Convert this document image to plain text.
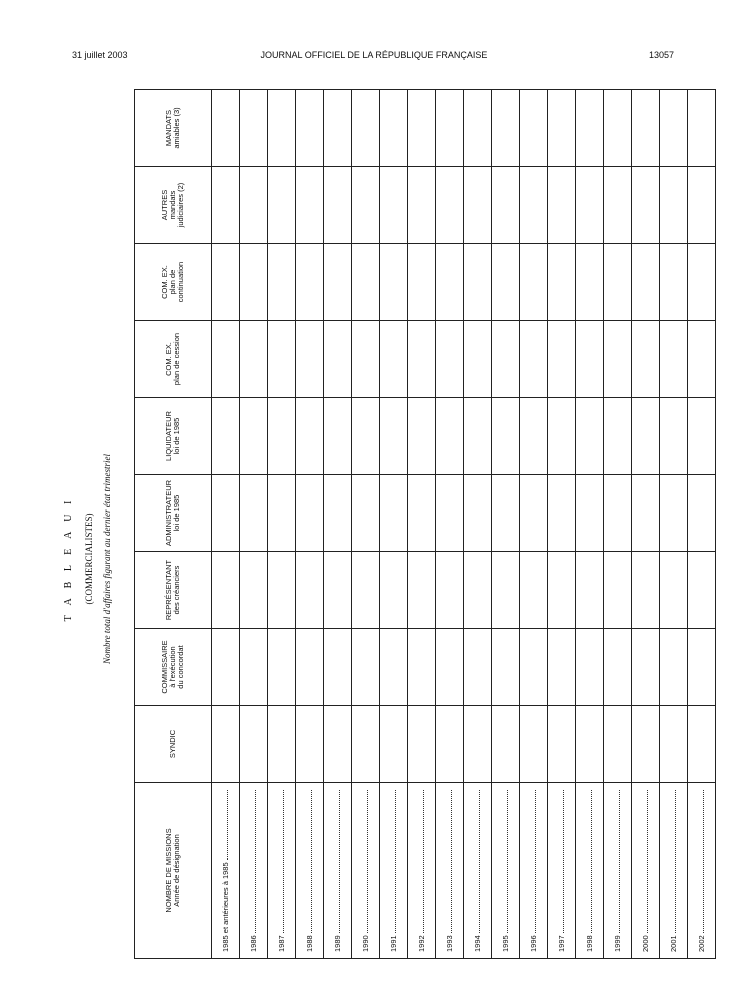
31 juillet 2003	JOURNAL OFFICIEL DE LA RÉPUBLIQUE FRANÇAISE	13057
T A B L E A U I (COMMERCIALISTES) Nombre total d'affaires figurant au dernier état trimestriel
NOMBRE DE MISSIONS Année de désignation	SYNDIC	COMMISSAIRE à l'exécution du concordat	REPRÉSENTANT des créanciers	ADMINISTRATEUR loi de 1985	LIQUIDATEUR loi de 1985	COM. EX. plan de cession	COM. EX. plan de continuation	AUTRES mandats judiciaires (2)	MANDATS amiables (3)

1985 et antérieures à 1985									
1986									
1987									
1988									
1989									
1990									
1991									
1992									
1993									
1994									
1995									
1996									
1997									
1998									
1999									
2000									
2001									
2002									
